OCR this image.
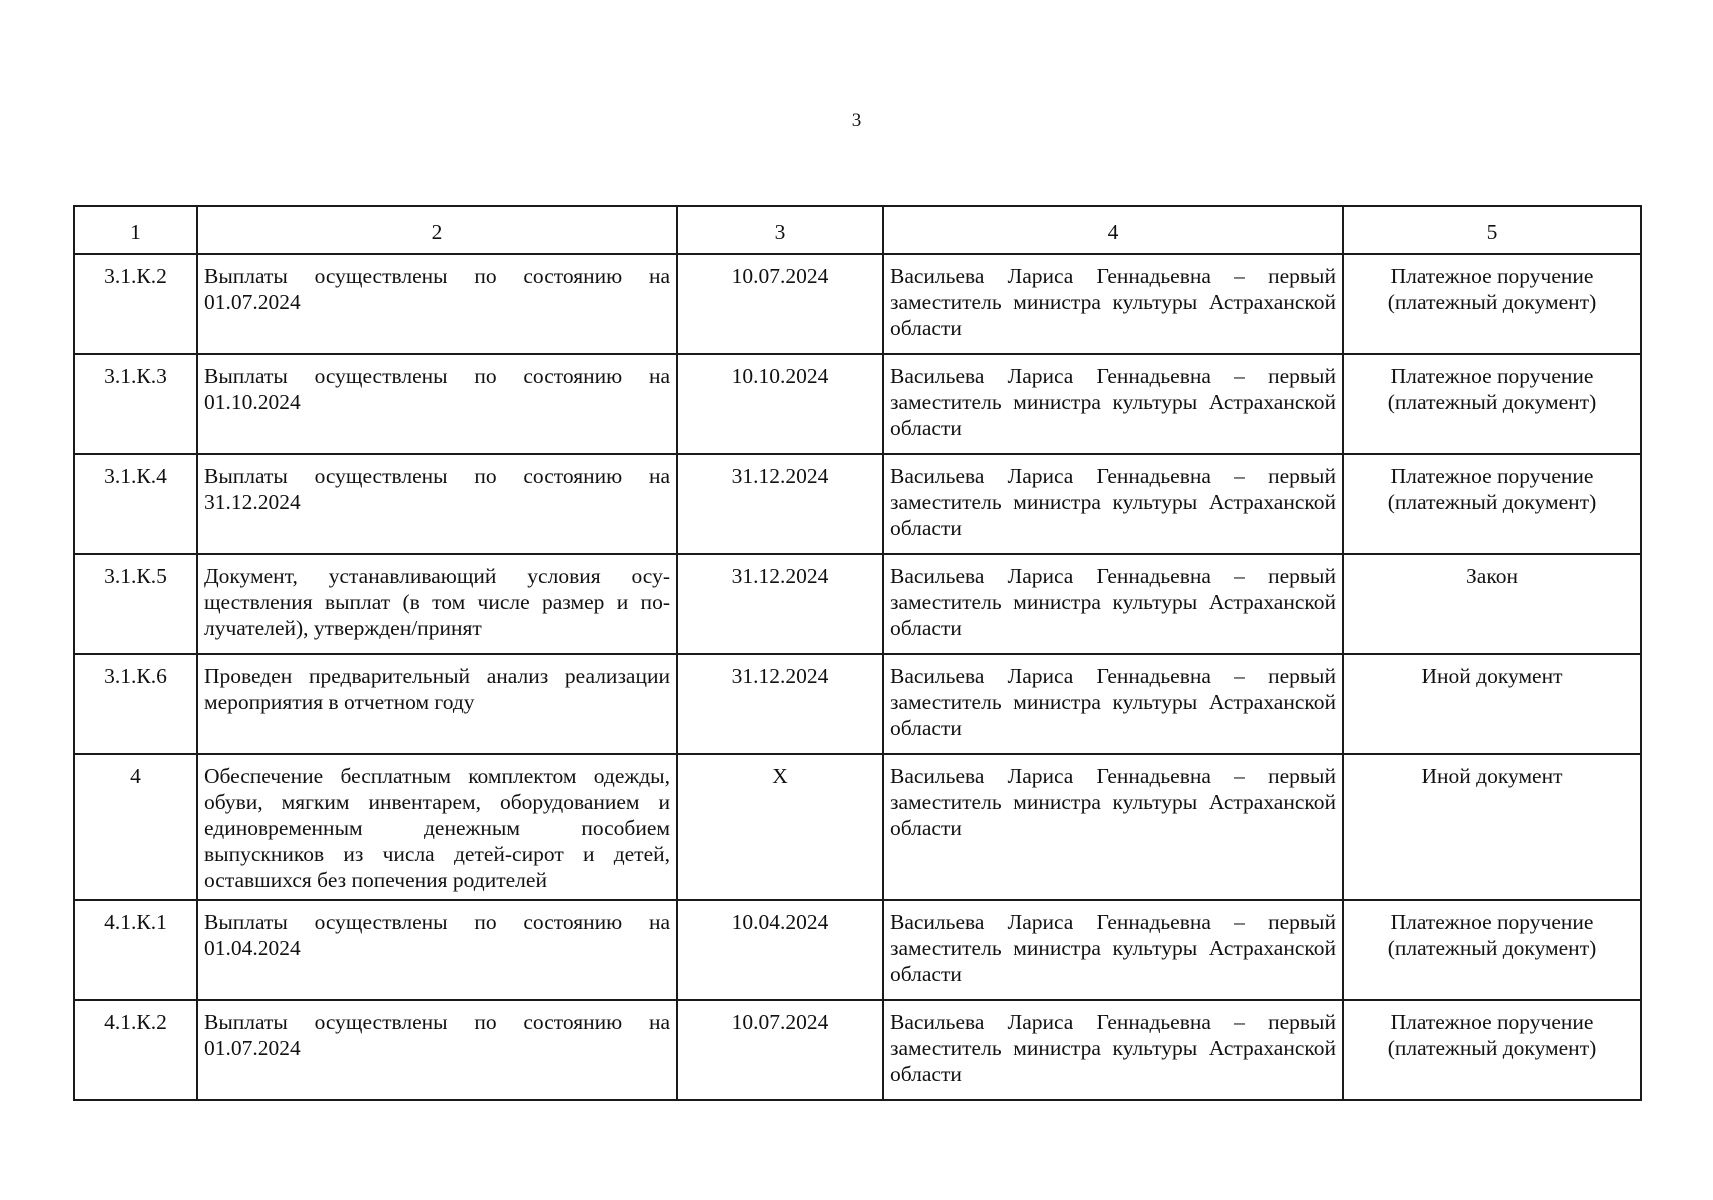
3
1	2	3	4	5
3.1.К.2	Выплаты осуществлены по состоянию на 01.07.2024	10.07.2024	Васильева Лариса Геннадьевна – первый заместитель министра культуры Астраханской области	Платежное поручение (платежный документ)
3.1.К.3	Выплаты осуществлены по состоянию на 01.10.2024	10.10.2024	Васильева Лариса Геннадьевна – первый заместитель министра культуры Астраханской области	Платежное поручение (платежный документ)
3.1.К.4	Выплаты осуществлены по состоянию на 31.12.2024	31.12.2024	Васильева Лариса Геннадьевна – первый заместитель министра культуры Астраханской области	Платежное поручение (платежный документ)
3.1.К.5	Документ, устанавливающий условия осуществления выплат (в том числе размер и получателей), утвержден/принят	31.12.2024	Васильева Лариса Геннадьевна – первый заместитель министра культуры Астраханской области	Закон
3.1.К.6	Проведен предварительный анализ реализации мероприятия в отчетном году	31.12.2024	Васильева Лариса Геннадьевна – первый заместитель министра культуры Астраханской области	Иной документ
4	Обеспечение бесплатным комплектом одежды, обуви, мягким инвентарем, оборудованием и единовременным денежным пособием выпускников из числа детей-сирот и детей, оставшихся без попечения родителей	Х	Васильева Лариса Геннадьевна – первый заместитель министра культуры Астраханской области	Иной документ
4.1.К.1	Выплаты осуществлены по состоянию на 01.04.2024	10.04.2024	Васильева Лариса Геннадьевна – первый заместитель министра культуры Астраханской области	Платежное поручение (платежный документ)
4.1.К.2	Выплаты осуществлены по состоянию на 01.07.2024	10.07.2024	Васильева Лариса Геннадьевна – первый заместитель министра культуры Астраханской области	Платежное поручение (платежный документ)
